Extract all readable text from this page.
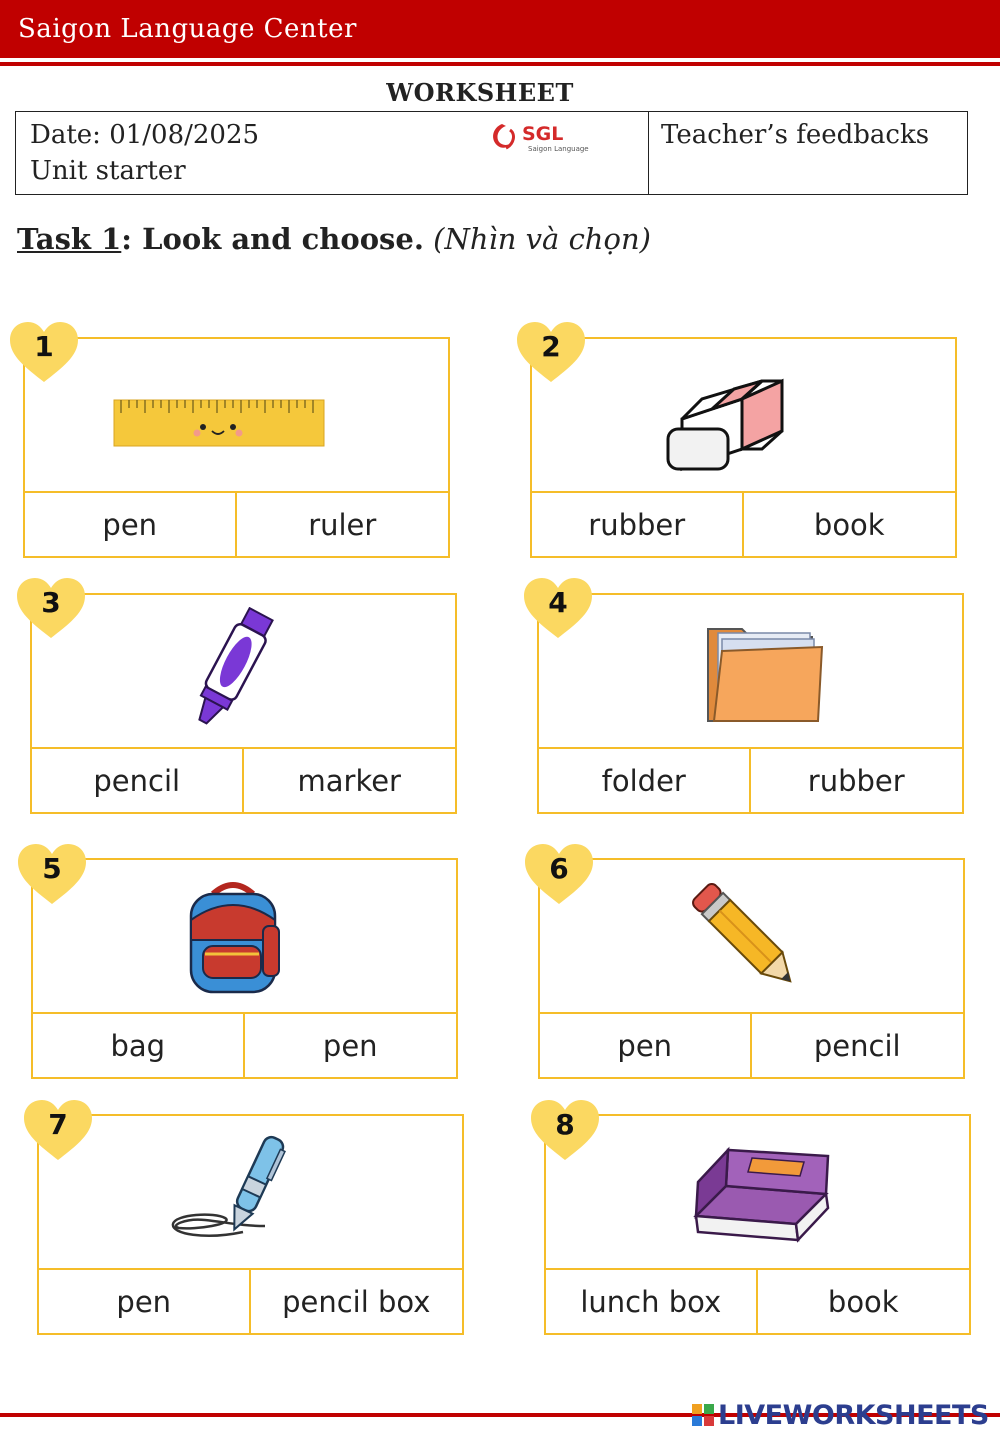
Saigon Language Center
WORKSHEET
Date: 01/08/2025
Unit starter
SGL
Saigon Language	Teacher’s feedbacks
Task 1: Look and choose. (Nhìn và chọn)
pen	ruler
1
rubber	book
2
pencil	marker
3
folder	rubber
4
bag	pen
5
pen	pencil
6
pen	pencil box
7
lunch box	book
8
LIVEWORKSHEETS
